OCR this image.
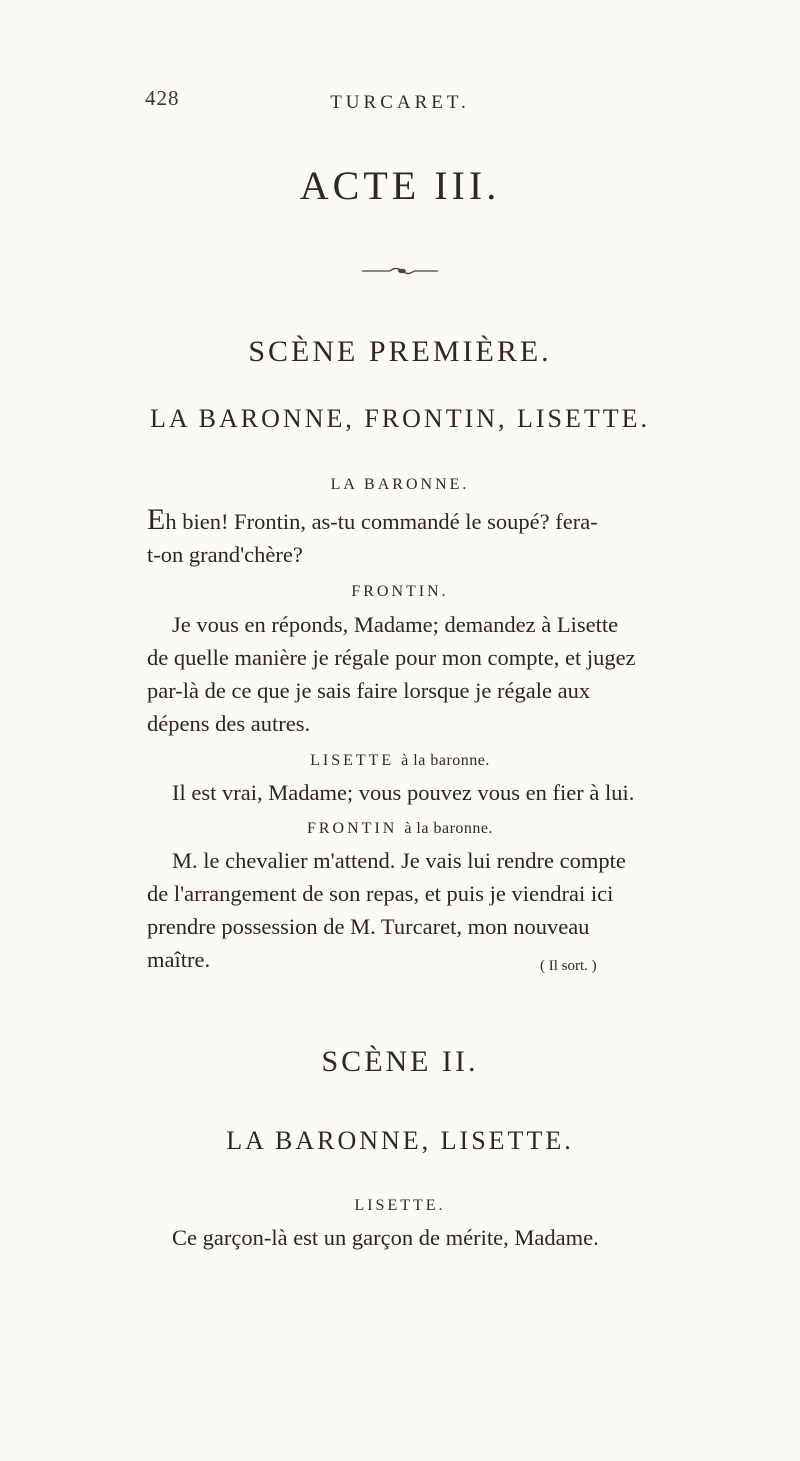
428	TURCARET.
ACTE III.
SCÈNE PREMIÈRE.
LA BARONNE, FRONTIN, LISETTE.
LA BARONNE.
Eh bien! Frontin, as-tu commandé le soupé? fera-
t-on grand'chère?
FRONTIN.
Je vous en réponds, Madame; demandez à Lisette
de quelle manière je régale pour mon compte, et jugez
par-là de ce que je sais faire lorsque je régale aux
dépens des autres.
LISETTE à la baronne.
Il est vrai, Madame; vous pouvez vous en fier à lui.
FRONTIN à la baronne.
M. le chevalier m'attend. Je vais lui rendre compte
de l'arrangement de son repas, et puis je viendrai ici
prendre possession de M. Turcaret, mon nouveau
maître.	( Il sort. )
SCÈNE II.
LA BARONNE, LISETTE.
LISETTE.
Ce garçon-là est un garçon de mérite, Madame.
